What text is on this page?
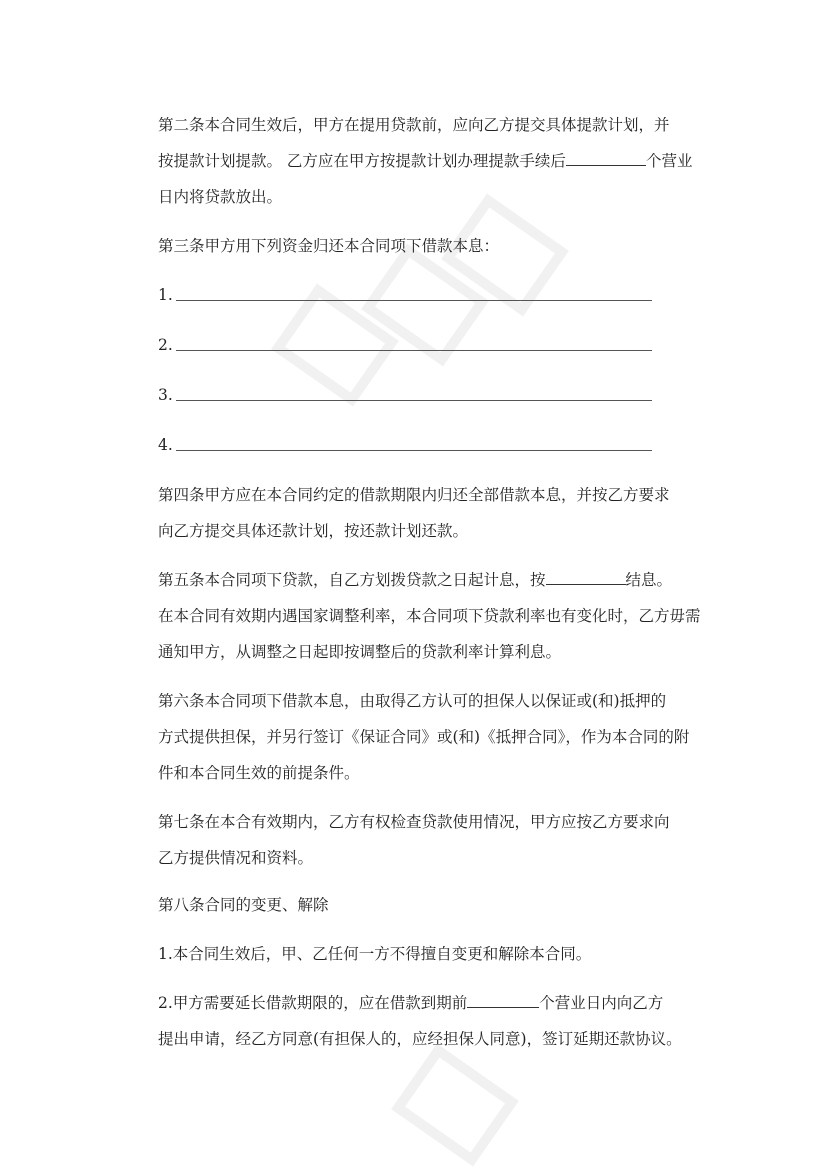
第二条本合同生效后，甲方在提用贷款前，应向乙方提交具体提款计划，并
按提款计划提款。 乙方应在甲方按提款计划办理提款手续后	个营业
日内将贷款放出。
第三条甲方用下列资金归还本合同项下借款本息：
1.
2.
3.
4.
第四条甲方应在本合同约定的借款期限内归还全部借款本息，并按乙方要求
向乙方提交具体还款计划，按还款计划还款。
第五条本合同项下贷款，自乙方划拨贷款之日起计息，按	结息。
在本合同有效期内遇国家调整利率，本合同项下贷款利率也有变化时，乙方毋需
通知甲方，从调整之日起即按调整后的贷款利率计算利息。
第六条本合同项下借款本息，由取得乙方认可的担保人以保证或(和)抵押的
方式提供担保，并另行签订《保证合同》或(和)《抵押合同》，作为本合同的附
件和本合同生效的前提条件。
第七条在本合有效期内，乙方有权检查贷款使用情况，甲方应按乙方要求向
乙方提供情况和资料。
第八条合同的变更、解除
1.本合同生效后，甲、乙任何一方不得擅自变更和解除本合同。
2.甲方需要延长借款期限的，应在借款到期前	个营业日内向乙方
提出申请，经乙方同意(有担保人的，应经担保人同意)，签订延期还款协议。
